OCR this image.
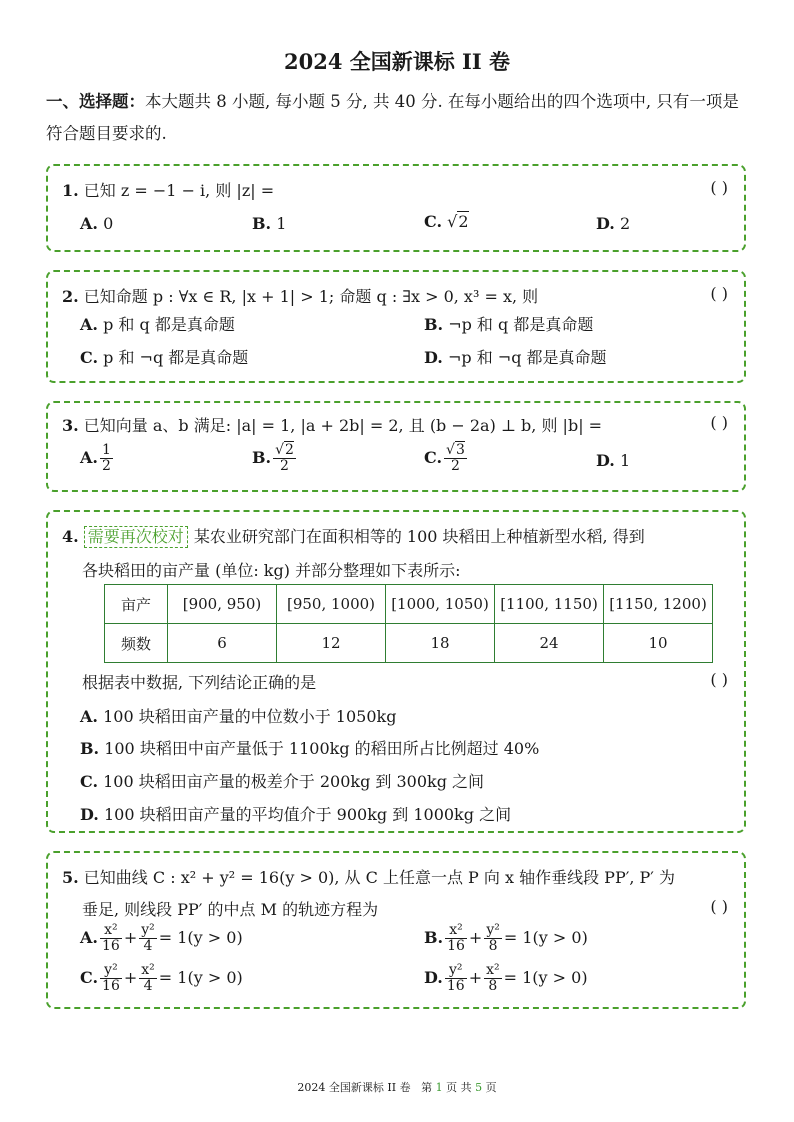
2024 全国新课标 II 卷
一、选择题：本大题共 8 小题, 每小题 5 分, 共 40 分. 在每小题给出的四个选项中, 只有一项是符合题目要求的.
1. 已知 z = −1 − i, 则 |z| =	( )
A. 0	B. 1	C. √2	D. 2
2. 已知命题 p : ∀x ∈ R, |x + 1| > 1; 命题 q : ∃x > 0, x³ = x, 则	( )
A. p 和 q 都是真命题	B. ¬p 和 q 都是真命题
C. p 和 ¬q 都是真命题	D. ¬p 和 ¬q 都是真命题
3. 已知向量 a、b 满足: |a| = 1, |a + 2b| = 2, 且 (b − 2a) ⊥ b, 则 |b| =	( )
A. $\frac{1}{2}$	B. $\frac{√2}{2}$	C. $\frac{√3}{2}$	D. 1
4. 需要再次校对 某农业研究部门在面积相等的 100 块稻田上种植新型水稻, 得到
各块稻田的亩产量 (单位: kg) 并部分整理如下表所示:
亩产	[900, 950)	[950, 1000)	[1000, 1050)	[1100, 1150)	[1150, 1200)
频数	6	12	18	24	10
根据表中数据, 下列结论正确的是	( )
A. 100 块稻田亩产量的中位数小于 1050kg
B. 100 块稻田中亩产量低于 1100kg 的稻田所占比例超过 40%
C. 100 块稻田亩产量的极差介于 200kg 到 300kg 之间
D. 100 块稻田亩产量的平均值介于 900kg 到 1000kg 之间
5. 已知曲线 C : x² + y² = 16(y > 0), 从 C 上任意一点 P 向 x 轴作垂线段 PP′, P′ 为
垂足, 则线段 PP′ 的中点 M 的轨迹方程为	( )
A. $\frac{\text{x²}}{16} + \frac{\text{y²}}{4} = 1(y > 0)$	B. $\frac{\text{x²}}{16} + \frac{\text{y²}}{8} = 1(y > 0)$
C. $\frac{\text{y²}}{16} + \frac{\text{x²}}{4} = 1(y > 0)$	D. $\frac{\text{y²}}{16} + \frac{\text{x²}}{8} = 1(y > 0)$
2024 全国新课标 II 卷 第 1 页 共 5 页
